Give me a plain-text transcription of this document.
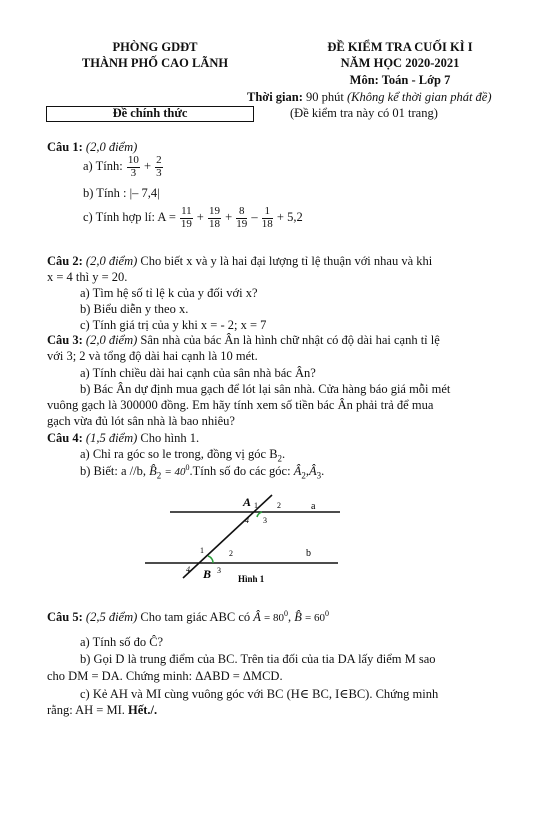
PHÒNG GDĐT
THÀNH PHỐ CAO LÃNH
ĐỀ KIỂM TRA CUỐI KÌ I
NĂM HỌC 2020-2021
Môn: Toán - Lớp 7
Thời gian: 90 phút (Không kể thời gian phát đề)
(Đề kiểm tra này có 01 trang)
Đề chính thức
Câu 1: (2,0 điểm)
a) Tính: $\frac{10}{3} + \frac{2}{3}$
b) Tính : |– 7,4|
c) Tính hợp lí: $A = \frac{11}{19} + \frac{19}{18} + \frac{8}{19} - \frac{1}{18} + 5,2$
Câu 2: (2,0 điểm) Cho biết x và y là hai đại lượng tỉ lệ thuận với nhau và khi
x = 4 thì y = 20.
a) Tìm hệ số tỉ lệ k của y đối với x?
b) Biểu diễn y theo x.
c) Tính giá trị của y khi x = - 2; x = 7
Câu 3: (2,0 điểm) Sân nhà của bác Ân là hình chữ nhật có độ dài hai cạnh tỉ lệ
với 3; 2 và tổng độ dài hai cạnh là 10 mét.
a) Tính chiều dài hai cạnh của sân nhà bác Ân?
b) Bác Ân dự định mua gạch để lót lại sân nhà. Cửa hàng báo giá mỗi mét
vuông gạch là 300000 đồng. Em hãy tính xem số tiền bác Ân phải trả để mua
gạch vừa đủ lót sân nhà là bao nhiêu?
Câu 4: (1,5 điểm) Cho hình 1.
a) Chỉ ra góc so le trong, đồng vị góc $B_2$.
b) Biết: a //b, $B̂_2$ = $40^0.Tính$ số đo các góc: $Â_2,Â_3$.
A 1 2
3
4
a
1	2
3
4 B
b
Hình 1
Câu 5: (2,5 điểm) Cho tam giác ABC có Â = $80^0$, B̂ = $60^0$
a) Tính số đo Ĉ?
b) Gọi D là trung điểm của BC. Trên tia đối của tia DA lấy điểm M sao
cho DM = DA. Chứng minh: ΔABD = ΔMCD.
c) Kẻ AH và MI cùng vuông góc với BC (H∈ BC, I∈BC). Chứng minh
rằng: AH = MI. Hết./.
